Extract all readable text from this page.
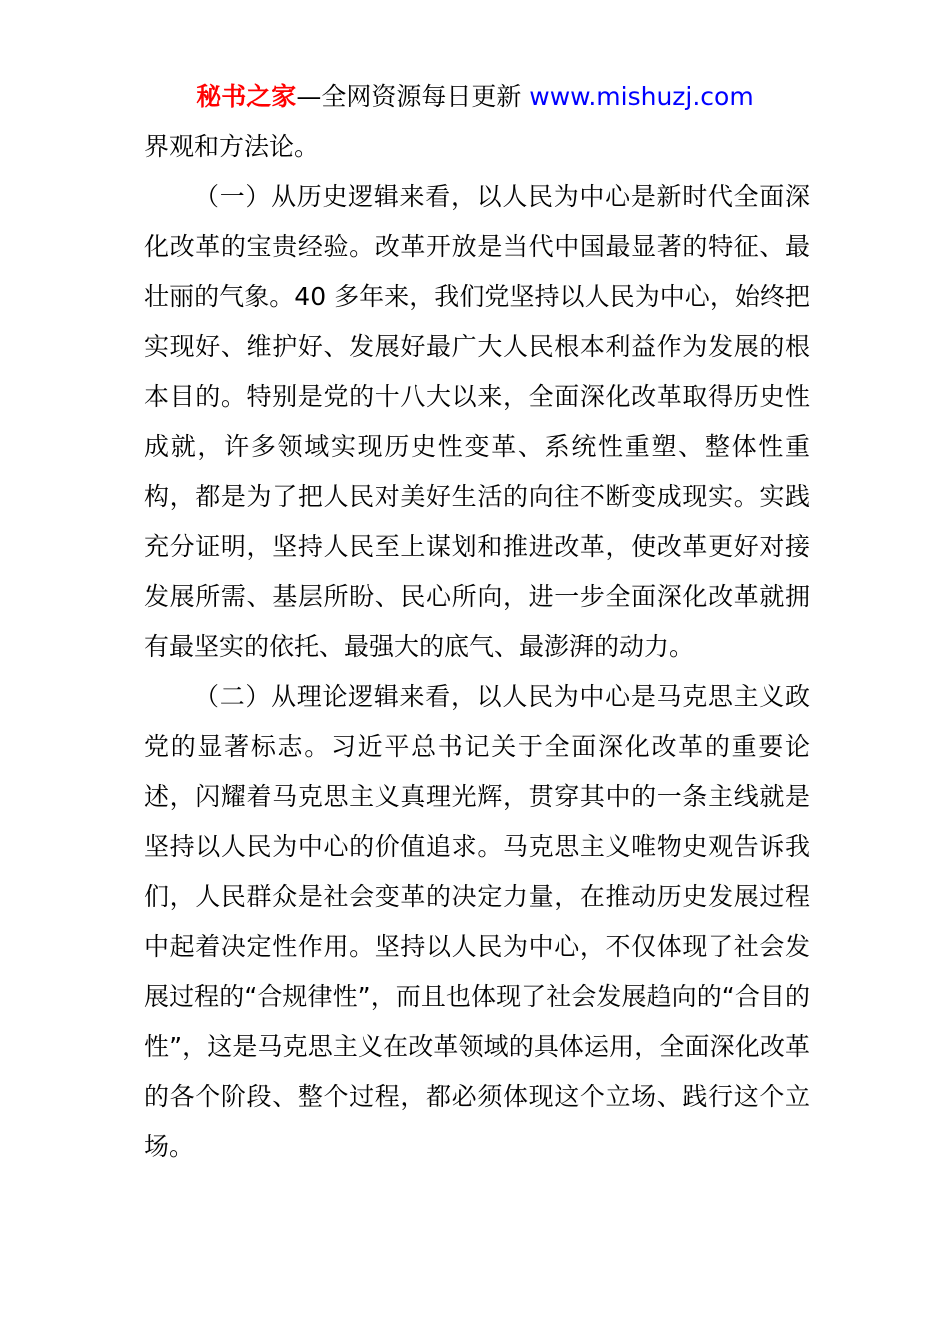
秘书之家—全网资源每日更新 www.mishuzj.com

界观和方法论。

（一）从历史逻辑来看，以人民为中心是新时代全面深化改革的宝贵经验。改革开放是当代中国最显著的特征、最壮丽的气象。40 多年来，我们党坚持以人民为中心，始终把实现好、维护好、发展好最广大人民根本利益作为发展的根本目的。特别是党的十八大以来，全面深化改革取得历史性成就，许多领域实现历史性变革、系统性重塑、整体性重构，都是为了把人民对美好生活的向往不断变成现实。实践充分证明，坚持人民至上谋划和推进改革，使改革更好对接发展所需、基层所盼、民心所向，进一步全面深化改革就拥有最坚实的依托、最强大的底气、最澎湃的动力。

（二）从理论逻辑来看，以人民为中心是马克思主义政党的显著标志。习近平总书记关于全面深化改革的重要论述，闪耀着马克思主义真理光辉，贯穿其中的一条主线就是坚持以人民为中心的价值追求。马克思主义唯物史观告诉我们，人民群众是社会变革的决定力量，在推动历史发展过程中起着决定性作用。坚持以人民为中心，不仅体现了社会发展过程的“合规律性”，而且也体现了社会发展趋向的“合目的性”，这是马克思主义在改革领域的具体运用，全面深化改革的各个阶段、整个过程，都必须体现这个立场、践行这个立场。
